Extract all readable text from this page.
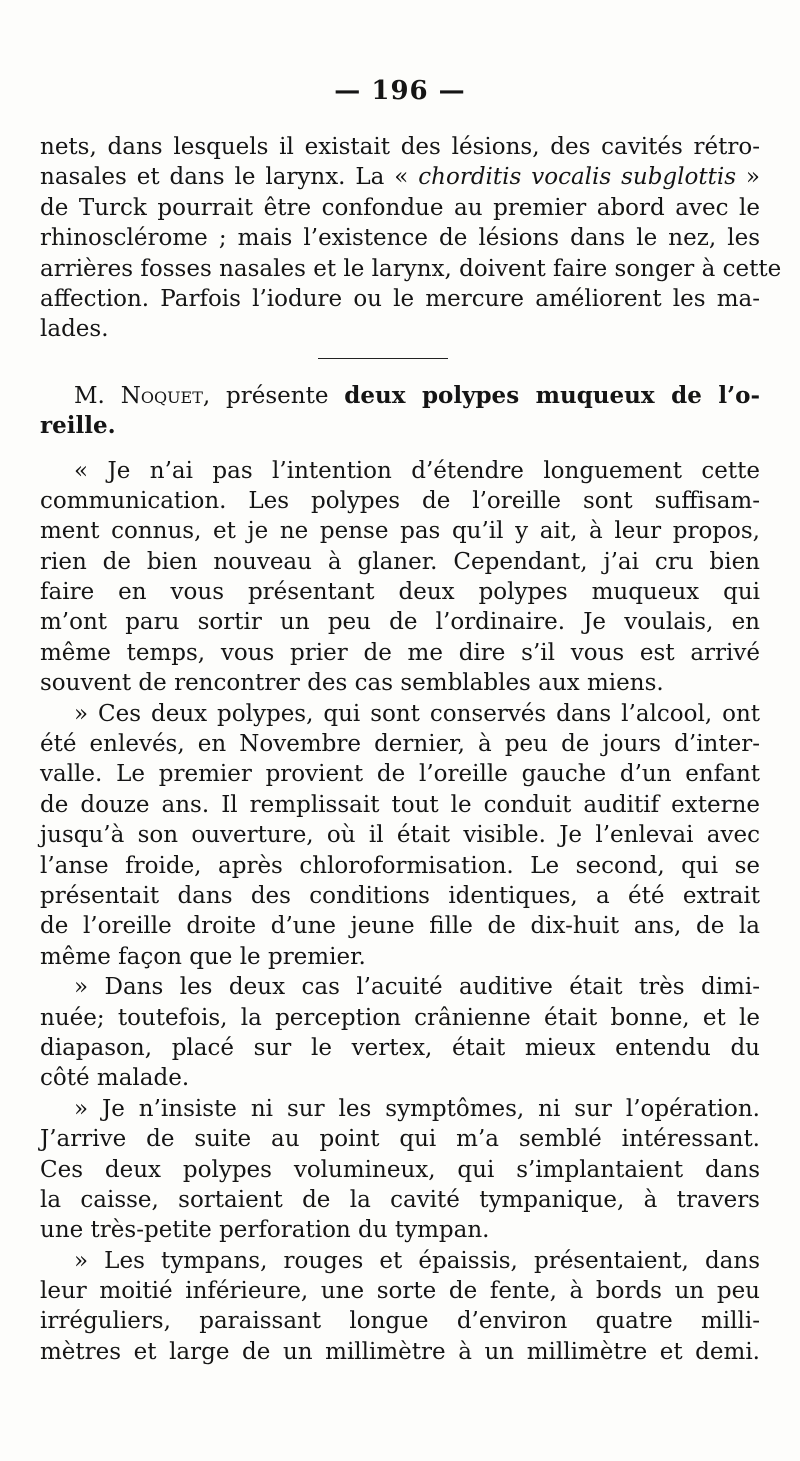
— 196 —
nets, dans lesquels il existait des lésions, des cavités rétro-
nasales et dans le larynx. La « chorditis vocalis subglottis »
de Turck pourrait être confondue au premier abord avec le
rhinosclérome ; mais l’existence de lésions dans le nez, les
arrières fosses nasales et le larynx, doivent faire songer à cette
affection. Parfois l’iodure ou le mercure améliorent les ma-
lades.
M. Noquet, présente deux polypes muqueux de l’o-
reille.
« Je n’ai pas l’intention d’étendre longuement cette
communication. Les polypes de l’oreille sont suffisam-
ment connus, et je ne pense pas qu’il y ait, à leur propos,
rien de bien nouveau à glaner. Cependant, j’ai cru bien
faire en vous présentant deux polypes muqueux qui
m’ont paru sortir un peu de l’ordinaire. Je voulais, en
même temps, vous prier de me dire s’il vous est arrivé
souvent de rencontrer des cas semblables aux miens.
» Ces deux polypes, qui sont conservés dans l’alcool, ont
été enlevés, en Novembre dernier, à peu de jours d’inter-
valle. Le premier provient de l’oreille gauche d’un enfant
de douze ans. Il remplissait tout le conduit auditif externe
jusqu’à son ouverture, où il était visible. Je l’enlevai avec
l’anse froide, après chloroformisation. Le second, qui se
présentait dans des conditions identiques, a été extrait
de l’oreille droite d’une jeune fille de dix-huit ans, de la
même façon que le premier.
» Dans les deux cas l’acuité auditive était très dimi-
nuée; toutefois, la perception crânienne était bonne, et le
diapason, placé sur le vertex, était mieux entendu du
côté malade.
» Je n’insiste ni sur les symptômes, ni sur l’opération.
J’arrive de suite au point qui m’a semblé intéressant.
Ces deux polypes volumineux, qui s’implantaient dans
la caisse, sortaient de la cavité tympanique, à travers
une très-petite perforation du tympan.
» Les tympans, rouges et épaissis, présentaient, dans
leur moitié inférieure, une sorte de fente, à bords un peu
irréguliers, paraissant longue d’environ quatre milli-
mètres et large de un millimètre à un millimètre et demi.
